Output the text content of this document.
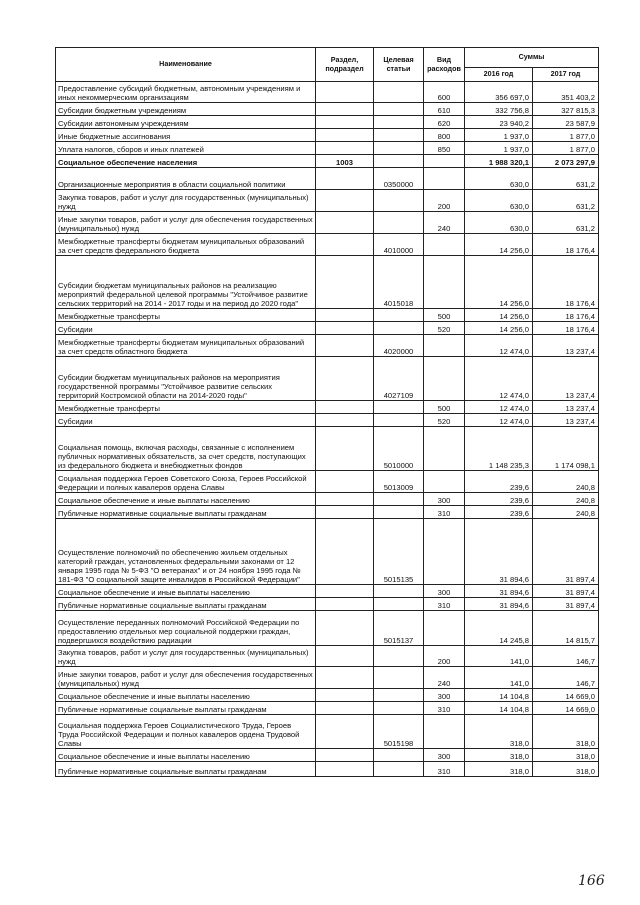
Наименование	Раздел, подраздел	Целевая статьи	Вид расходов	Суммы	
				2016 год	2017 год
Предоставление субсидий бюджетным, автономным учреждениям и иных некоммерческим организациям			600	356 697,0	351 403,2
Субсидии бюджетным учреждениям			610	332 756,8	327 815,3
Субсидии автономным учреждениям			620	23 940,2	23 587,9
Иные бюджетные ассигнования			800	1 937,0	1 877,0
Уплата налогов, сборов и иных платежей			850	1 937,0	1 877,0
Социальное обеспечение населения	1003			1 988 320,1	2 073 297,9
Организационные мероприятия в области социальной политики		0350000		630,0	631,2
Закупка товаров, работ и услуг для государственных (муниципальных) нужд			200	630,0	631,2
Иные закупки товаров, работ и услуг для обеспечения государственных (муниципальных) нужд			240	630,0	631,2
Межбюджетные трансферты бюджетам муниципальных образований за счет средств федерального бюджета		4010000		14 256,0	18 176,4
Субсидии бюджетам муниципальных районов на реализацию мероприятий федеральной целевой программы "Устойчивое развитие сельских территорий на 2014 - 2017 годы и на период до 2020 года"		4015018		14 256,0	18 176,4
Межбюджетные трансферты			500	14 256,0	18 176,4
Субсидии			520	14 256,0	18 176,4
Межбюджетные трансферты бюджетам муниципальных образований за счет средств областного бюджета		4020000		12 474,0	13 237,4
Субсидии бюджетам муниципальных районов на мероприятия государственной программы "Устойчивое развитие сельских территорий Костромской области на 2014-2020 годы"		4027109		12 474,0	13 237,4
Межбюджетные трансферты			500	12 474,0	13 237,4
Субсидии			520	12 474,0	13 237,4
Социальная помощь, включая расходы, связанные с исполнением публичных нормативных обязательств, за счет средств, поступающих из федерального бюджета и внебюджетных фондов		5010000		1 148 235,3	1 174 098,1
Социальная поддержка Героев Советского Союза, Героев Российской Федерации и полных кавалеров ордена Славы		5013009		239,6	240,8
Социальное обеспечение и иные выплаты населению			300	239,6	240,8
Публичные нормативные социальные выплаты гражданам			310	239,6	240,8
Осуществление полномочий по обеспечению жильем отдельных категорий граждан, установленных федеральными законами от 12 января 1995 года № 5-ФЗ "О ветеранах" и от 24 ноября 1995 года № 181-ФЗ "О социальной защите инвалидов в Российской Федерации"		5015135		31 894,6	31 897,4
Социальное обеспечение и иные выплаты населению			300	31 894,6	31 897,4
Публичные нормативные социальные выплаты гражданам			310	31 894,6	31 897,4
Осуществление переданных полномочий Российской Федерации по предоставлению отдельных мер социальной поддержки граждан, подвергшихся воздействию радиации		5015137		14 245,8	14 815,7
Закупка товаров, работ и услуг для государственных (муниципальных) нужд			200	141,0	146,7
Иные закупки товаров, работ и услуг для обеспечения государственных (муниципальных) нужд			240	141,0	146,7
Социальное обеспечение и иные выплаты населению			300	14 104,8	14 669,0
Публичные нормативные социальные выплаты гражданам			310	14 104,8	14 669,0
Социальная поддержка Героев Социалистического Труда, Героев Труда Российской Федерации и полных кавалеров ордена Трудовой Славы		5015198		318,0	318,0
Социальное обеспечение и иные выплаты населению			300	318,0	318,0
Публичные нормативные социальные выплаты гражданам			310	318,0	318,0
166
